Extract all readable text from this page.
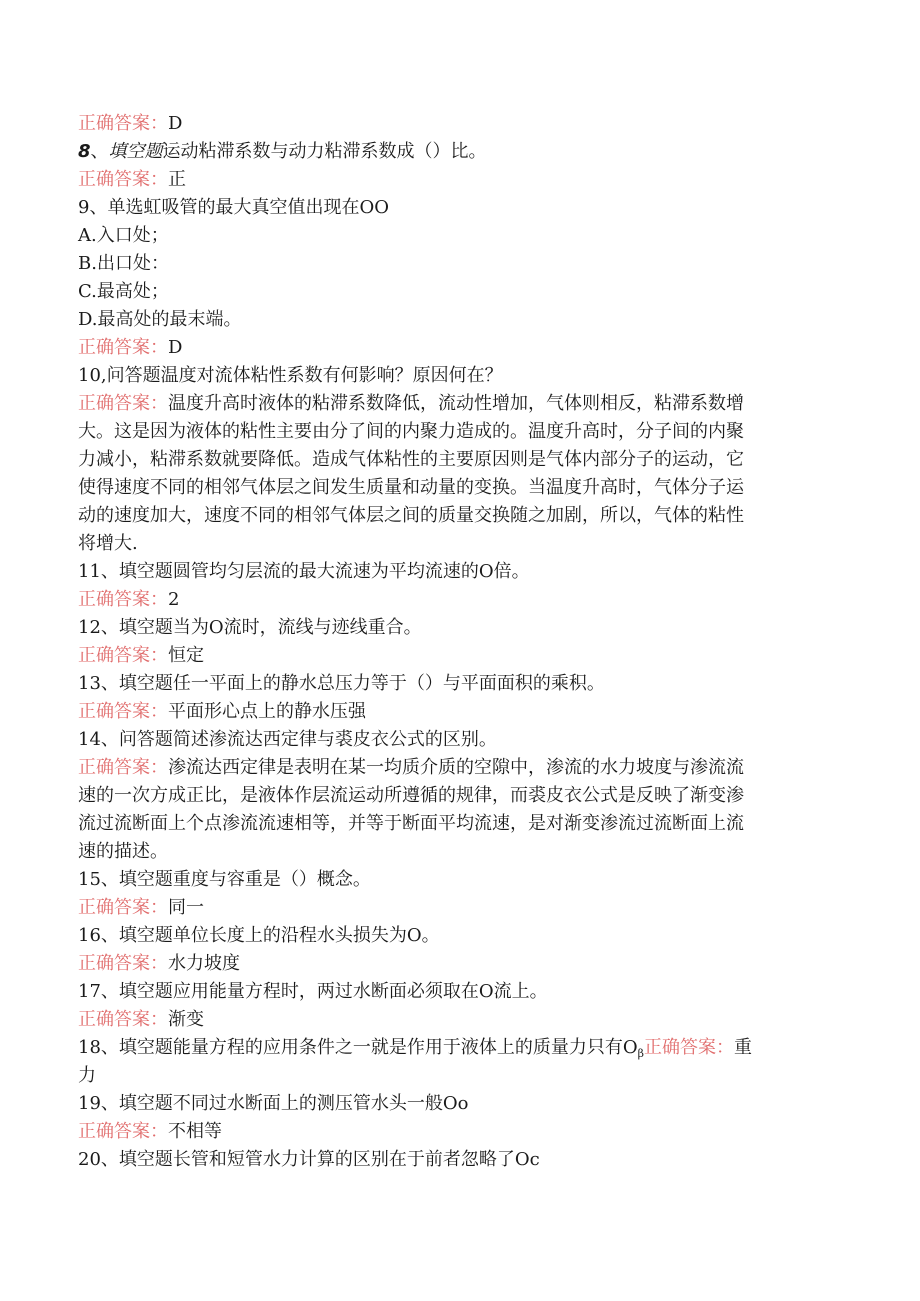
正确答案：D
8、填空题运动粘滞系数与动力粘滞系数成（）比。
正确答案：正
9、单选虹吸管的最大真空值出现在OO
A.入口处；
B.出口处：
C.最高处；
D.最高处的最末端。
正确答案：D
10,问答题温度对流体粘性系数有何影响？原因何在？
正确答案：温度升高时液体的粘滞系数降低，流动性增加，气体则相反，粘滞系数增
大。这是因为液体的粘性主要由分了间的内聚力造成的。温度升高时，分子间的内聚
力减小，粘滞系数就要降低。造成气体粘性的主要原因则是气体内部分子的运动，它
使得速度不同的相邻气体层之间发生质量和动量的变换。当温度升高时，气体分子运
动的速度加大，速度不同的相邻气体层之间的质量交换随之加剧，所以，气体的粘性
将增大.
11、填空题圆管均匀层流的最大流速为平均流速的O倍。
正确答案：2
12、填空题当为O流时，流线与迹线重合。
正确答案：恒定
13、填空题任一平面上的静水总压力等于（）与平面面积的乘积。
正确答案：平面形心点上的静水压强
14、问答题简述渗流达西定律与裘皮衣公式的区别。
正确答案：渗流达西定律是表明在某一均质介质的空隙中，渗流的水力坡度与渗流流
速的一次方成正比，是液体作层流运动所遵循的规律，而裘皮衣公式是反映了渐变渗
流过流断面上个点渗流流速相等，并等于断面平均流速，是对渐变渗流过流断面上流
速的描述。
15、填空题重度与容重是（）概念。
正确答案：同一
16、填空题单位长度上的沿程水头损失为O。
正确答案：水力坡度
17、填空题应用能量方程时，两过水断面必须取在O流上。
正确答案：渐变
18、填空题能量方程的应用条件之一就是作用于液体上的质量力只有$O_\beta$正确答案：重
力
19、填空题不同过水断面上的测压管水头一般Oo
正确答案：不相等
20、填空题长管和短管水力计算的区别在于前者忽略了Oc
